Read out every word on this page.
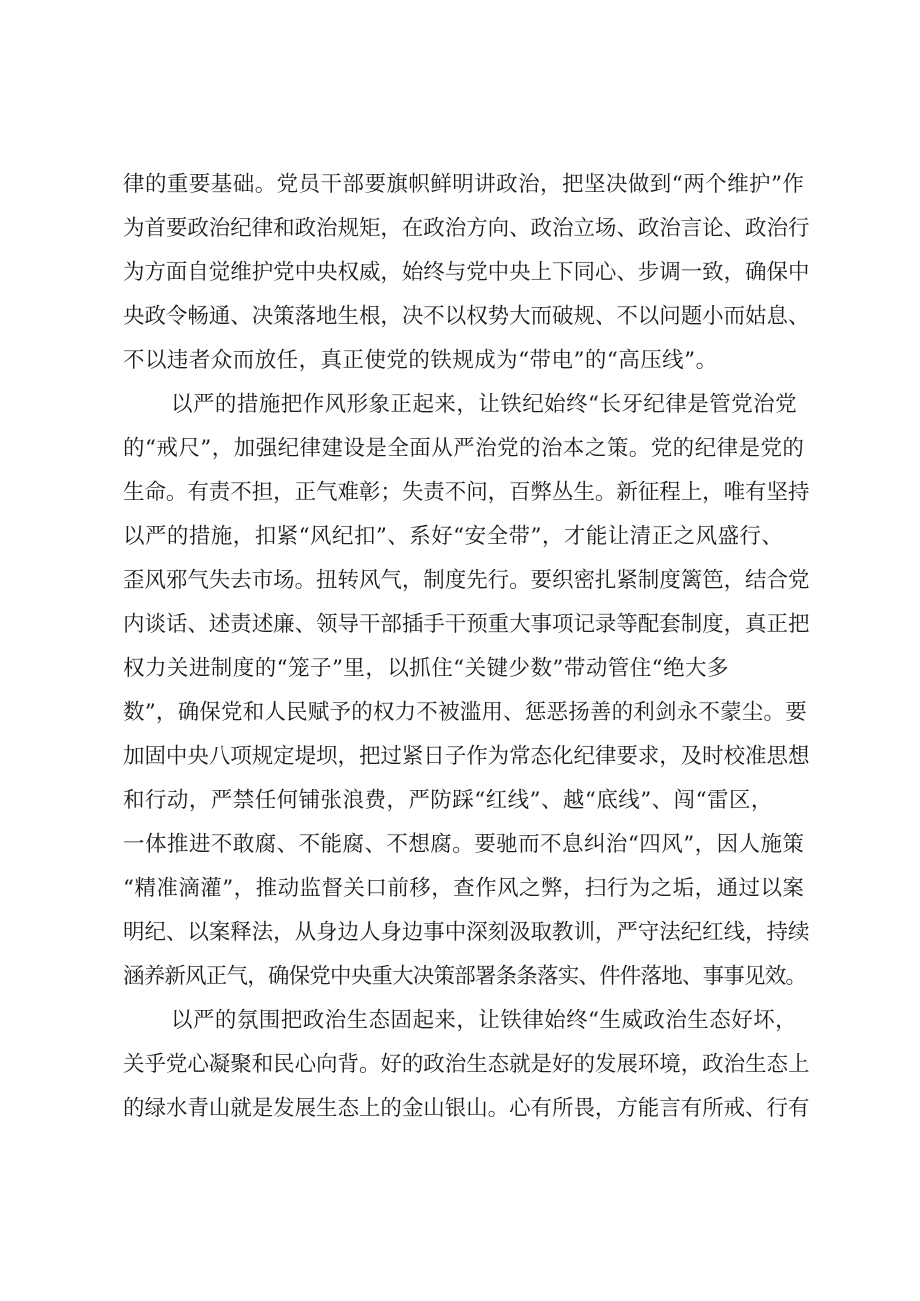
律的重要基础。党员干部要旗帜鲜明讲政治，把坚决做到“两个维护”作
为首要政治纪律和政治规矩，在政治方向、政治立场、政治言论、政治行
为方面自觉维护党中央权威，始终与党中央上下同心、步调一致，确保中
央政令畅通、决策落地生根，决不以权势大而破规、不以问题小而姑息、
不以违者众而放任，真正使党的铁规成为“带电”的“高压线”。
以严的措施把作风形象正起来，让铁纪始终“长牙纪律是管党治党
的“戒尺”，加强纪律建设是全面从严治党的治本之策。党的纪律是党的
生命。有责不担，正气难彰；失责不问，百弊丛生。新征程上，唯有坚持
以严的措施，扣紧“风纪扣”、系好“安全带”，才能让清正之风盛行、
歪风邪气失去市场。扭转风气，制度先行。要织密扎紧制度篱笆，结合党
内谈话、述责述廉、领导干部插手干预重大事项记录等配套制度，真正把
权力关进制度的“笼子”里，以抓住“关键少数”带动管住“绝大多
数”，确保党和人民赋予的权力不被滥用、惩恶扬善的利剑永不蒙尘。要
加固中央八项规定堤坝，把过紧日子作为常态化纪律要求，及时校准思想
和行动，严禁任何铺张浪费，严防踩“红线”、越“底线”、闯“雷区，
一体推进不敢腐、不能腐、不想腐。要驰而不息纠治“四风”，因人施策
“精准滴灌”，推动监督关口前移，查作风之弊，扫行为之垢，通过以案
明纪、以案释法，从身边人身边事中深刻汲取教训，严守法纪红线，持续
涵养新风正气，确保党中央重大决策部署条条落实、件件落地、事事见效。
以严的氛围把政治生态固起来，让铁律始终“生威政治生态好坏，
关乎党心凝聚和民心向背。好的政治生态就是好的发展环境，政治生态上
的绿水青山就是发展生态上的金山银山。心有所畏，方能言有所戒、行有
